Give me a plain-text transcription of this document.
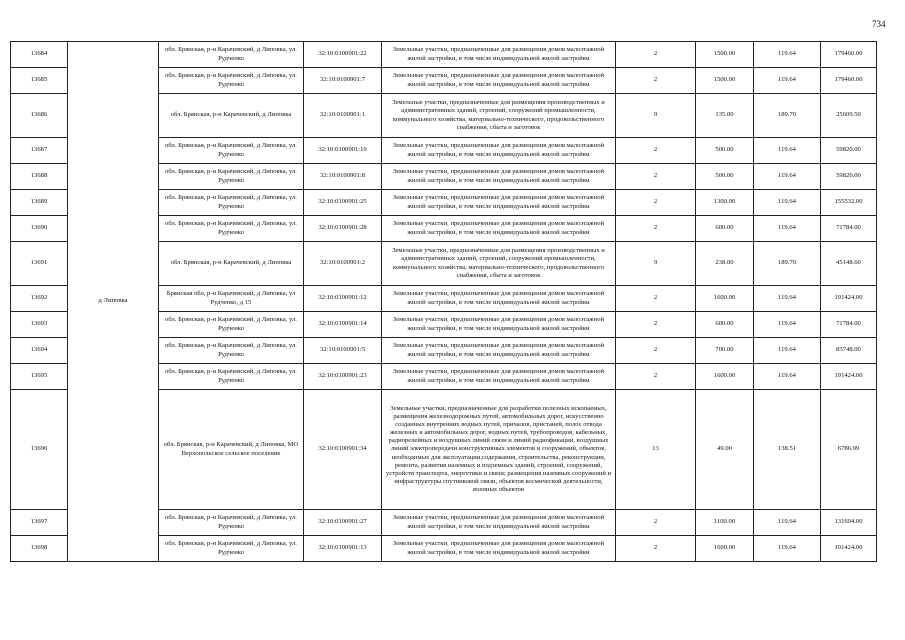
734
13684	д Липовка	обл. Брянская, р-н Карачевский, д Липовка, ул. Рудченко	32:10:0100901:22	Земельные участки, предназначенные для размещения домов малоэтажной жилой застройки, в том числе индивидуальной жилой застройки	2	1500.00	119.64	179460.00
13685		обл. Брянская, р-н Карачевский, д Липовка, ул. Рудченко	32:10:0100901:7	Земельные участки, предназначенные для размещения домов малоэтажной жилой застройки, в том числе индивидуальной жилой застройки	2	1500.00	119.64	179460.00
13686		обл. Брянская, р-н Карачевский, д Липовка	32:10:0100901:1	Земельные участки, предназначенные для размещения производственных и административных зданий, строений, сооружений промышленности, коммунального хозяйства, материально-технического, продовольственного снабжения, сбыта и заготовок	9	135.00	189.70	25609.50
13687		обл. Брянская, р-н Карачевский, д Липовка, ул. Рудченко	32:10:0100901:19	Земельные участки, предназначенные для размещения домов малоэтажной жилой застройки, в том числе индивидуальной жилой застройки	2	500.00	119.64	59820.00
13688		обл. Брянская, р-н Карачевский, д Липовка, ул. Рудченко	32:10:0100901:8	Земельные участки, предназначенные для размещения домов малоэтажной жилой застройки, в том числе индивидуальной жилой застройки	2	500.00	119.64	59820.00
13689		обл. Брянская, р-н Карачевский, д Липовка, ул. Рудченко	32:10:0100901:25	Земельные участки, предназначенные для размещения домов малоэтажной жилой застройки, в том числе индивидуальной жилой застройки	2	1300.00	119.64	155532.00
13690		обл. Брянская, р-н Карачевский, д Липовка, ул. Рудченко	32:10:0100901:28	Земельные участки, предназначенные для размещения домов малоэтажной жилой застройки, в том числе индивидуальной жилой застройки	2	600.00	119.64	71784.00
13691		обл. Брянская, р-н Карачевский, д Липовка	32:10:0100901:2	Земельные участки, предназначенные для размещения производственных и административных зданий, строений, сооружений промышленности, коммунального хозяйства, материально-технического, продовольственного снабжения, сбыта и заготовок	9	238.00	189.70	45148.60
13692		Брянская обл, р-н Карачевский, д Липовка, ул Рудченко, д 15	32:10:0100901:12	Земельные участки, предназначенные для размещения домов малоэтажной жилой застройки, в том числе индивидуальной жилой застройки	2	1600.00	119.64	191424.00
13693		обл. Брянская, р-н Карачевский, д Липовка, ул. Рудченко	32:10:0100901:14	Земельные участки, предназначенные для размещения домов малоэтажной жилой застройки, в том числе индивидуальной жилой застройки	2	600.00	119.64	71784.00
13694		обл. Брянская, р-н Карачевский, д Липовка, ул. Рудченко	32:10:0100901:5	Земельные участки, предназначенные для размещения домов малоэтажной жилой застройки, в том числе индивидуальной жилой застройки	2	700.00	119.64	83748.00
13695		обл. Брянская, р-н Карачевский, д Липовка, ул. Рудченко	32:10:0100901:23	Земельные участки, предназначенные для размещения домов малоэтажной жилой застройки, в том числе индивидуальной жилой застройки	2	1600.00	119.64	191424.00
13696		обл. Брянская, р-н Карачевский, д Липовка, МО Верхопольское сельское поселение	32:10:0100901:34	Земельные участки, предназначенные для разработки полезных ископаемых, размещения железнодорожных путей, автомобильных дорог, искусственно созданных внутренних водных путей, причалов, пристаней, полос отвода железных и автомобильных дорог, водных путей, трубопроводов, кабельных, радиорелейных и воздушных линий связи и линий радиофикации, воздушных линий электропередачи конструктивных элементов и сооружений, объектов, необходимых для эксплуатации,содержания, строительства, реконструкции, ремонта, развития наземных и подземных зданий, строений, сооружений, устройств транспорта, энергетики и связи; размещения наземных сооружений и инфраструктуры спутниковой связи, объектов космической деятельности, военных объектов	13	49.00	138.51	6786.99
13697		обл. Брянская, р-н Карачевский, д Липовка, ул. Рудченко	32:10:0100901:27	Земельные участки, предназначенные для размещения домов малоэтажной жилой застройки, в том числе индивидуальной жилой застройки	2	1100.00	119.64	131604.00
13698		обл. Брянская, р-н Карачевский, д Липовка, ул. Рудченко	32:10:0100901:13	Земельные участки, предназначенные для размещения домов малоэтажной жилой застройки, в том числе индивидуальной жилой застройки	2	1600.00	119.64	191424.00
